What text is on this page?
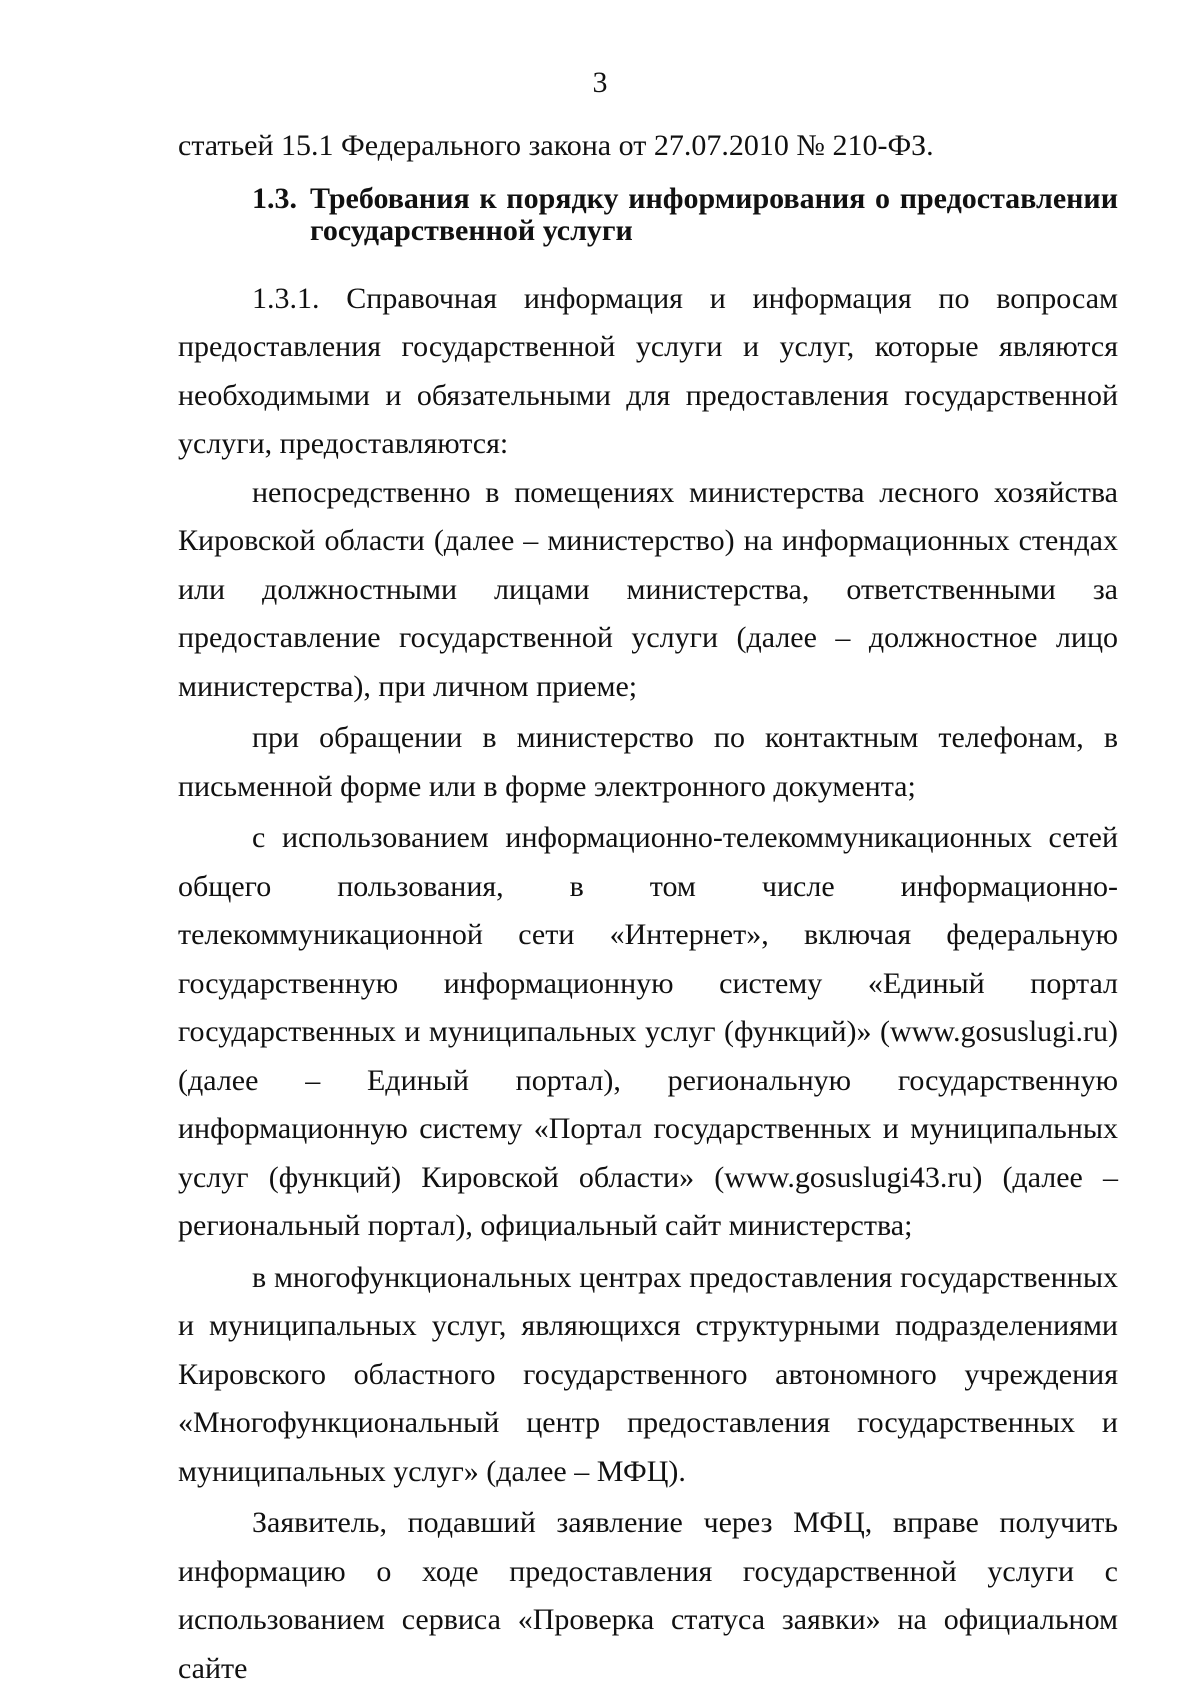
3

статьей 15.1 Федерального закона от 27.07.2010 № 210-ФЗ.

1.3. Требования к порядку информирования о предоставлении государственной услуги

1.3.1. Справочная информация и информация по вопросам предоставления государственной услуги и услуг, которые являются необходимыми и обязательными для предоставления государственной услуги, предоставляются:

непосредственно в помещениях министерства лесного хозяйства Кировской области (далее – министерство) на информационных стендах или должностными лицами министерства, ответственными за предоставление государственной услуги (далее – должностное лицо министерства), при личном приеме;

при обращении в министерство по контактным телефонам, в письменной форме или в форме электронного документа;

с использованием информационно-телекоммуникационных сетей общего пользования, в том числе информационно-телекоммуникационной сети «Интернет», включая федеральную государственную информационную систему «Единый портал государственных и муниципальных услуг (функций)» (www.gosuslugi.ru) (далее – Единый портал), региональную государственную информационную систему «Портал государственных и муниципальных услуг (функций) Кировской области» (www.gosuslugi43.ru) (далее – региональный портал), официальный сайт министерства;

в многофункциональных центрах предоставления государственных и муниципальных услуг, являющихся структурными подразделениями Кировского областного государственного автономного учреждения «Многофункциональный центр предоставления государственных и муниципальных услуг» (далее – МФЦ).

Заявитель, подавший заявление через МФЦ, вправе получить информацию о ходе предоставления государственной услуги с использованием сервиса «Проверка статуса заявки» на официальном сайте
